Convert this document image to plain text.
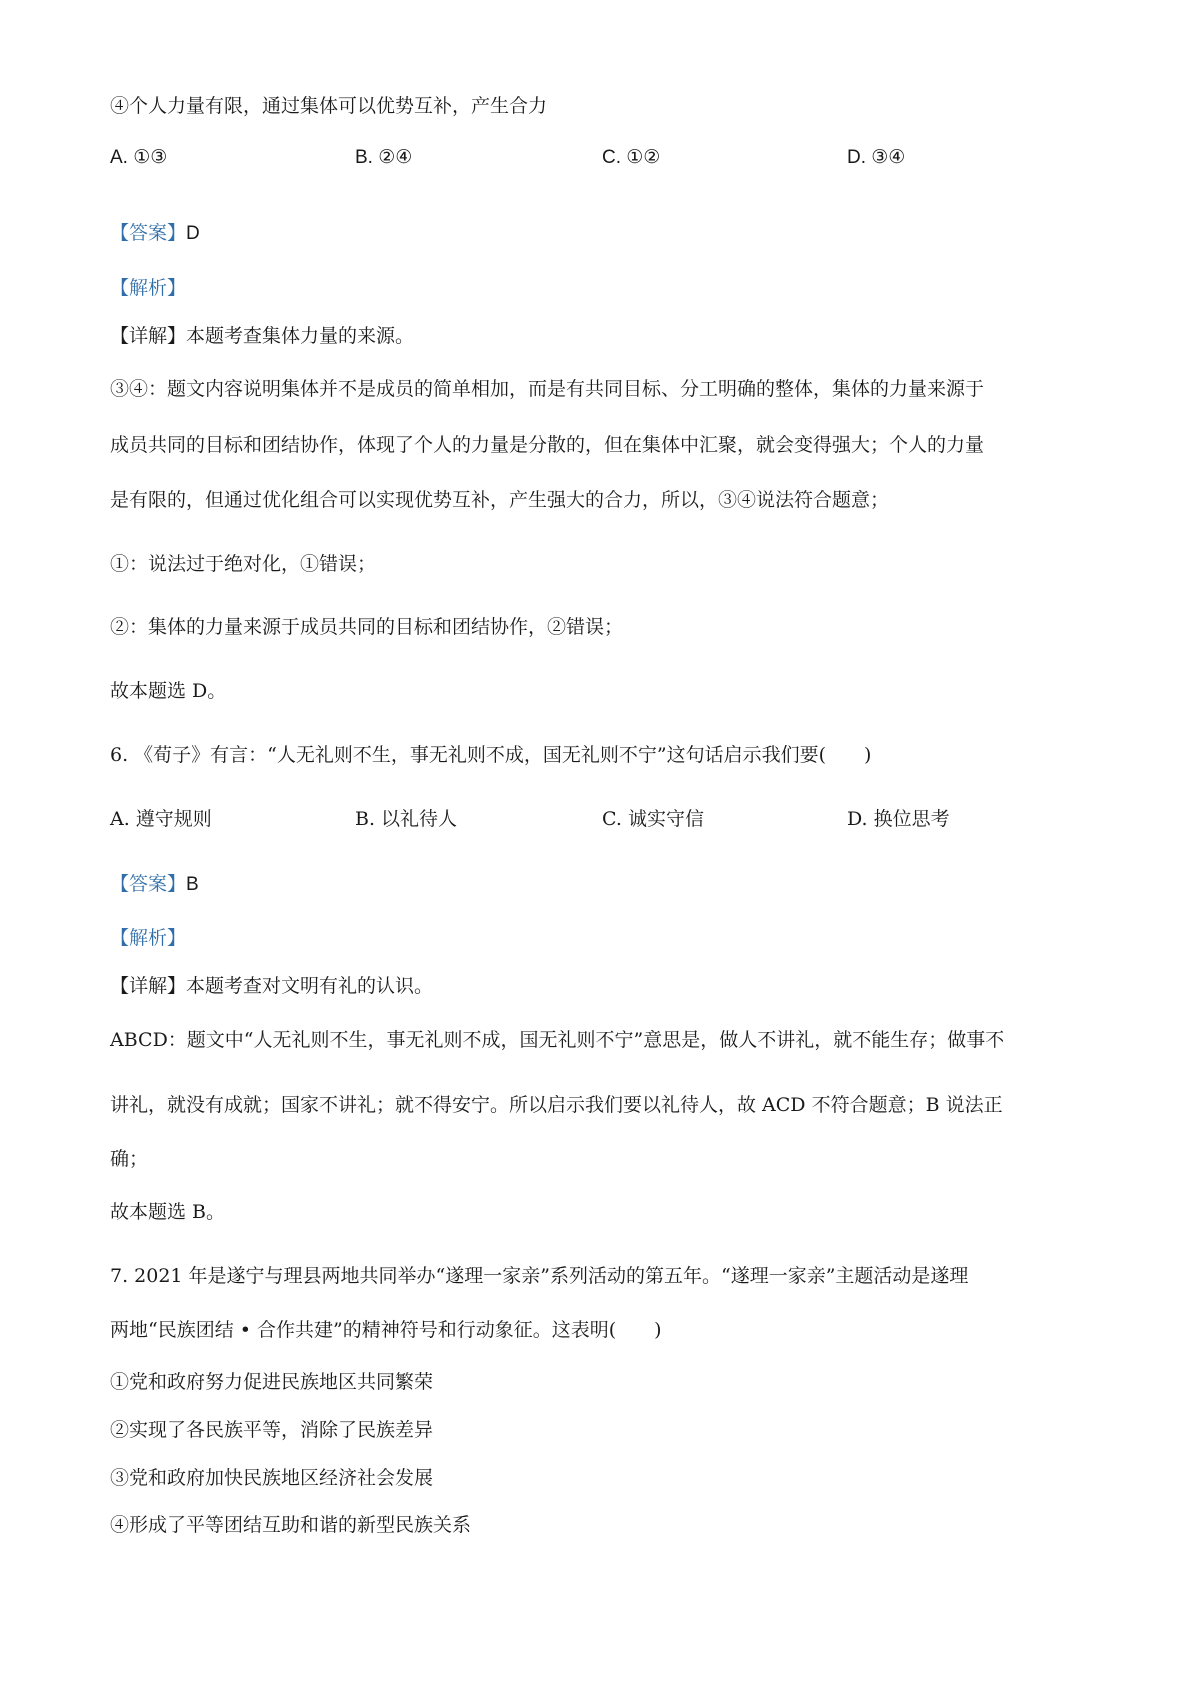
④个人力量有限，通过集体可以优势互补，产生合力
A. ①③	B. ②④	C. ①②	D. ③④
【答案】D
【解析】
【详解】本题考查集体力量的来源。
③④：题文内容说明集体并不是成员的简单相加，而是有共同目标、分工明确的整体，集体的力量来源于
成员共同的目标和团结协作，体现了个人的力量是分散的，但在集体中汇聚，就会变得强大；个人的力量
是有限的，但通过优化组合可以实现优势互补，产生强大的合力，所以，③④说法符合题意；
①：说法过于绝对化，①错误；
②：集体的力量来源于成员共同的目标和团结协作，②错误；
故本题选 D。
6. 《荀子》有言：“人无礼则不生，事无礼则不成，国无礼则不宁”这句话启示我们要(　　)
A. 遵守规则	B. 以礼待人	C. 诚实守信	D. 换位思考
【答案】B
【解析】
【详解】本题考查对文明有礼的认识。
ABCD：题文中“人无礼则不生，事无礼则不成，国无礼则不宁”意思是，做人不讲礼，就不能生存；做事不
讲礼，就没有成就；国家不讲礼；就不得安宁。所以启示我们要以礼待人，故 ACD 不符合题意；B 说法正
确；
故本题选 B。
7. 2021 年是遂宁与理县两地共同举办“遂理一家亲”系列活动的第五年。“遂理一家亲”主题活动是遂理
两地“民族团结 • 合作共建”的精神符号和行动象征。这表明(　　)
①党和政府努力促进民族地区共同繁荣
②实现了各民族平等，消除了民族差异
③党和政府加快民族地区经济社会发展
④形成了平等团结互助和谐的新型民族关系
